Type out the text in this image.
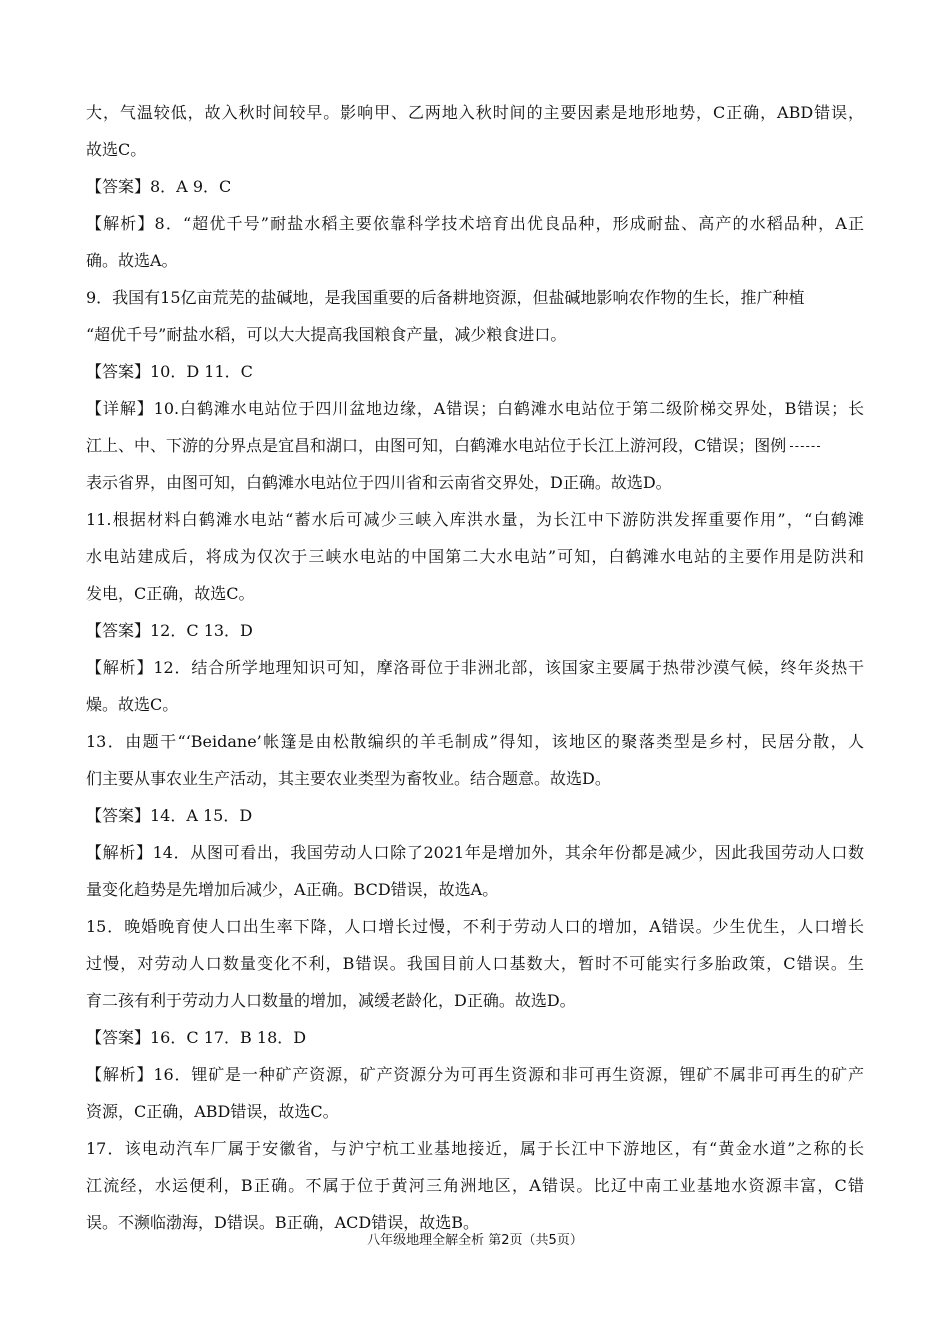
大，气温较低，故入秋时间较早。影响甲、乙两地入秋时间的主要因素是地形地势，C正确，ABD错误，

故选C。

【答案】8．A 9．C

【解析】8．“超优千号”耐盐水稻主要依靠科学技术培育出优良品种，形成耐盐、高产的水稻品种，A正

确。故选A。

9．我国有15亿亩荒芜的盐碱地，是我国重要的后备耕地资源，但盐碱地影响农作物的生长，推广种植

“超优千号”耐盐水稻，可以大大提高我国粮食产量，减少粮食进口。

【答案】10．D 11．C

【详解】10.白鹤滩水电站位于四川盆地边缘，A错误；白鹤滩水电站位于第二级阶梯交界处，B错误；长

江上、中、下游的分界点是宜昌和湖口，由图可知，白鹤滩水电站位于长江上游河段，C错误；图例

表示省界，由图可知，白鹤滩水电站位于四川省和云南省交界处，D正确。故选D。

11.根据材料白鹤滩水电站“蓄水后可减少三峡入库洪水量，为长江中下游防洪发挥重要作用”，“白鹤滩

水电站建成后，将成为仅次于三峡水电站的中国第二大水电站”可知，白鹤滩水电站的主要作用是防洪和

发电，C正确，故选C。

【答案】12．C 13．D

【解析】12．结合所学地理知识可知，摩洛哥位于非洲北部，该国家主要属于热带沙漠气候，终年炎热干

燥。故选C。

13．由题干“‘Beidane’帐篷是由松散编织的羊毛制成”得知，该地区的聚落类型是乡村，民居分散，人

们主要从事农业生产活动，其主要农业类型为畜牧业。结合题意。故选D。

【答案】14．A 15．D

【解析】14．从图可看出，我国劳动人口除了2021年是增加外，其余年份都是减少，因此我国劳动人口数

量变化趋势是先增加后减少，A正确。BCD错误，故选A。

15．晚婚晚育使人口出生率下降，人口增长过慢，不利于劳动人口的增加，A错误。少生优生，人口增长

过慢，对劳动人口数量变化不利，B错误。我国目前人口基数大，暂时不可能实行多胎政策，C错误。生

育二孩有利于劳动力人口数量的增加，减缓老龄化，D正确。故选D。

【答案】16．C 17．B 18．D

【解析】16．锂矿是一种矿产资源，矿产资源分为可再生资源和非可再生资源，锂矿不属非可再生的矿产

资源，C正确，ABD错误，故选C。

17．该电动汽车厂属于安徽省，与沪宁杭工业基地接近，属于长江中下游地区，有“黄金水道”之称的长

江流经，水运便利，B正确。不属于位于黄河三角洲地区，A错误。比辽中南工业基地水资源丰富，C错

误。不濒临渤海，D错误。B正确，ACD错误，故选B。

八年级地理全解全析 第2页（共5页）
